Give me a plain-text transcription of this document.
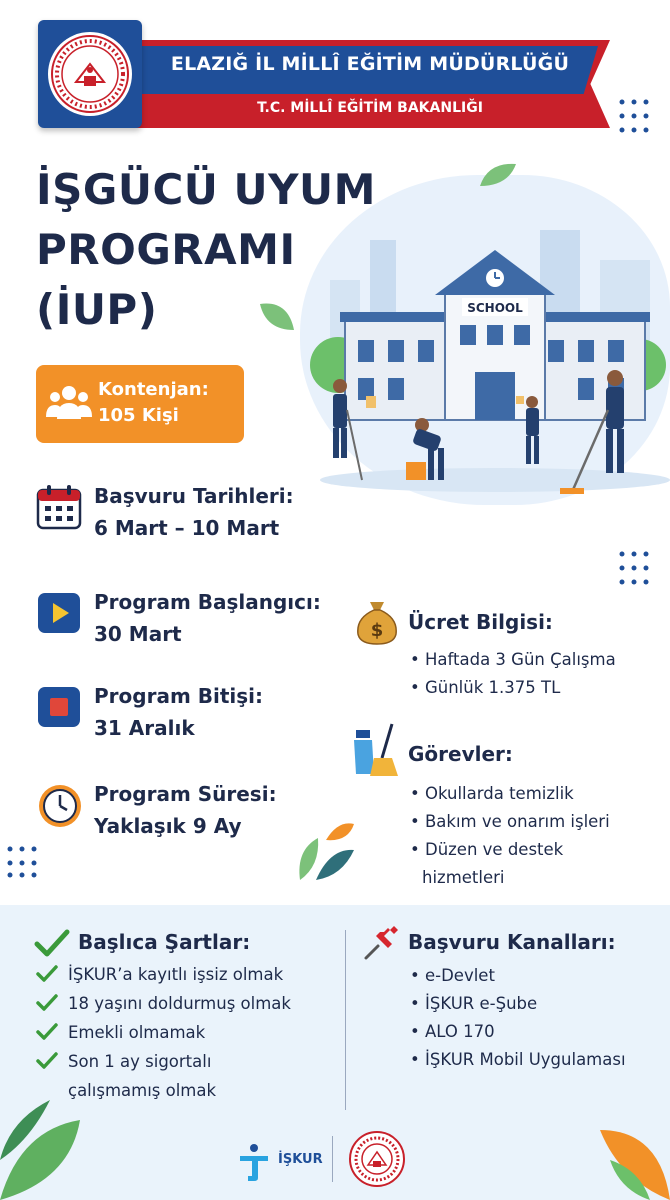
ELAZIĞ İL MİLLÎ EĞİTİM MÜDÜRLÜĞÜ
T.C. MİLLÎ EĞİTİM BAKANLIĞI
İŞGÜCÜ UYUM
PROGRAMI
(İUP)	SCHOOL
Kontenjan:
105 Kişi
Başvuru Tarihleri:
6 Mart – 10 Mart
Program Başlangıcı:
30 Mart
Program Bitişi:
31 Aralık
Program Süresi:
Yaklaşık 9 Ay
$ Ücret Bilgisi:
• Haftada 3 Gün Çalışma
• Günlük 1.375 TL
Görevler:
• Okullarda temizlik
• Bakım ve onarım işleri
• Düzen ve destek
hizmetleri
Başlıca Şartlar:
İŞKUR’a kayıtlı işsiz olmak
18 yaşını doldurmuş olmak
Emekli olmamak
Son 1 ay sigortalı
çalışmamış olmak
Başvuru Kanalları:
• e-Devlet
• İŞKUR e-Şube
• ALO 170
• İŞKUR Mobil Uygulaması
İŞKUR
